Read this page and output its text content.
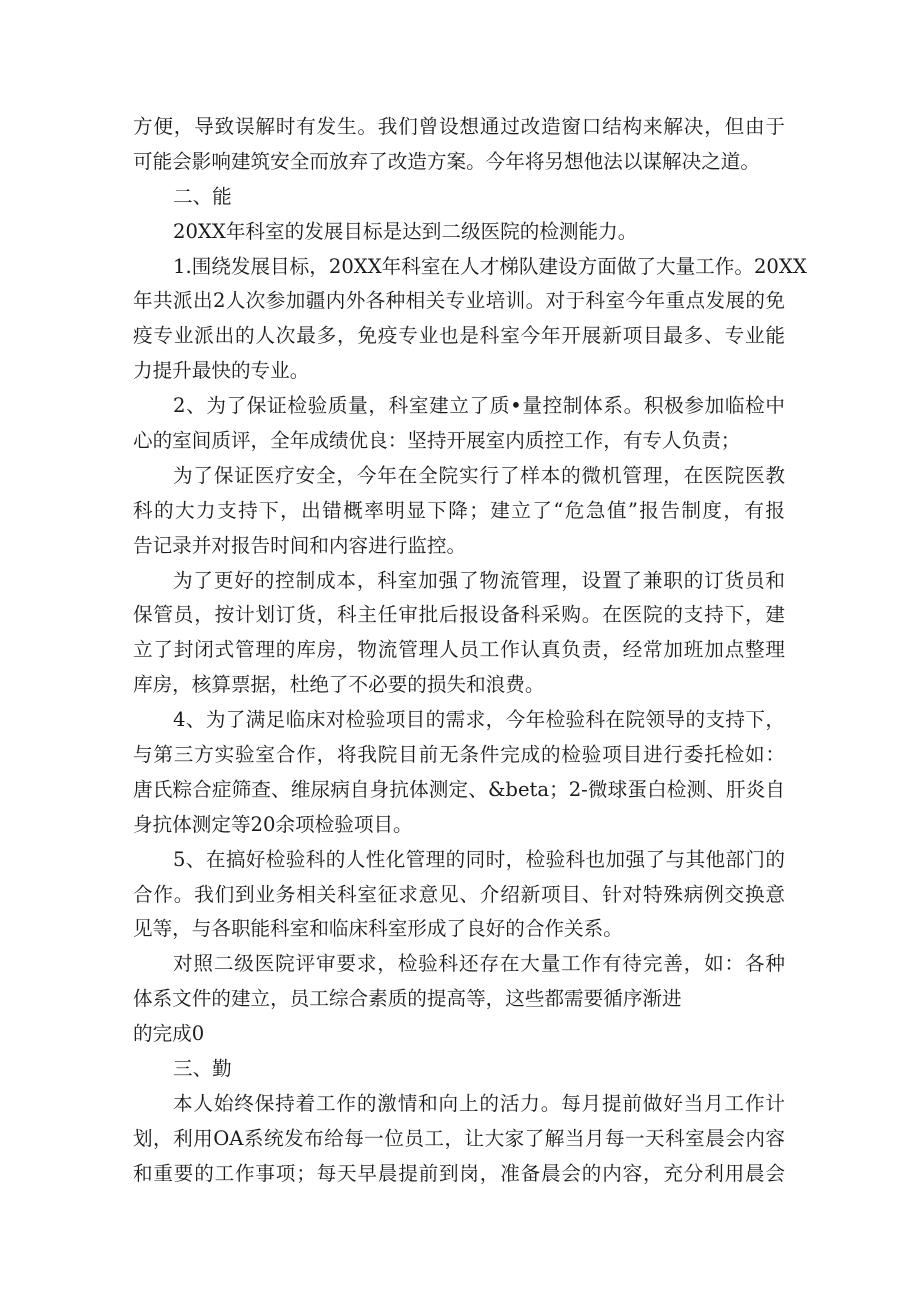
方便，导致误解时有发生。我们曾设想通过改造窗口结构来解决，但由于
可能会影响建筑安全而放弃了改造方案。今年将另想他法以谋解决之道。
二、能
20XX年科室的发展目标是达到二级医院的检测能力。
1.围绕发展目标，20XX年科室在人才梯队建设方面做了大量工作。20XX
年共派出2人次参加疆内外各种相关专业培训。对于科室今年重点发展的免
疫专业派出的人次最多，免疫专业也是科室今年开展新项目最多、专业能
力提升最快的专业。
2、为了保证检验质量，科室建立了质•量控制体系。积极参加临检中
心的室间质评，全年成绩优良：坚持开展室内质控工作，有专人负责；
为了保证医疗安全，今年在全院实行了样本的微机管理，在医院医教
科的大力支持下，出错概率明显下降；建立了“危急值”报告制度，有报
告记录并对报告时间和内容进行监控。
为了更好的控制成本，科室加强了物流管理，设置了兼职的订货员和
保管员，按计划订货，科主任审批后报设备科采购。在医院的支持下，建
立了封闭式管理的库房，物流管理人员工作认真负责，经常加班加点整理
库房，核算票据，杜绝了不必要的损失和浪费。
4、为了满足临床对检验项目的需求，今年检验科在院领导的支持下，
与第三方实验室合作，将我院目前无条件完成的检验项目进行委托检如：
唐氏粽合症筛查、维尿病自身抗体测定、&beta；2-微球蛋白检测、肝炎自
身抗体测定等20余项检验项目。
5、在搞好检验科的人性化管理的同时，检验科也加强了与其他部门的
合作。我们到业务相关科室征求意见、介绍新项目、针对特殊病例交换意
见等，与各职能科室和临床科室形成了良好的合作关系。
对照二级医院评审要求，检验科还存在大量工作有待完善，如：各种
体系文件的建立，员工综合素质的提高等，这些都需要循序渐进
的完成0
三、勤
本人始终保持着工作的激情和向上的活力。每月提前做好当月工作计
划，利用OA系统发布给每一位员工，让大家了解当月每一天科室晨会内容
和重要的工作事项；每天早晨提前到岗，准备晨会的内容，充分利用晨会
